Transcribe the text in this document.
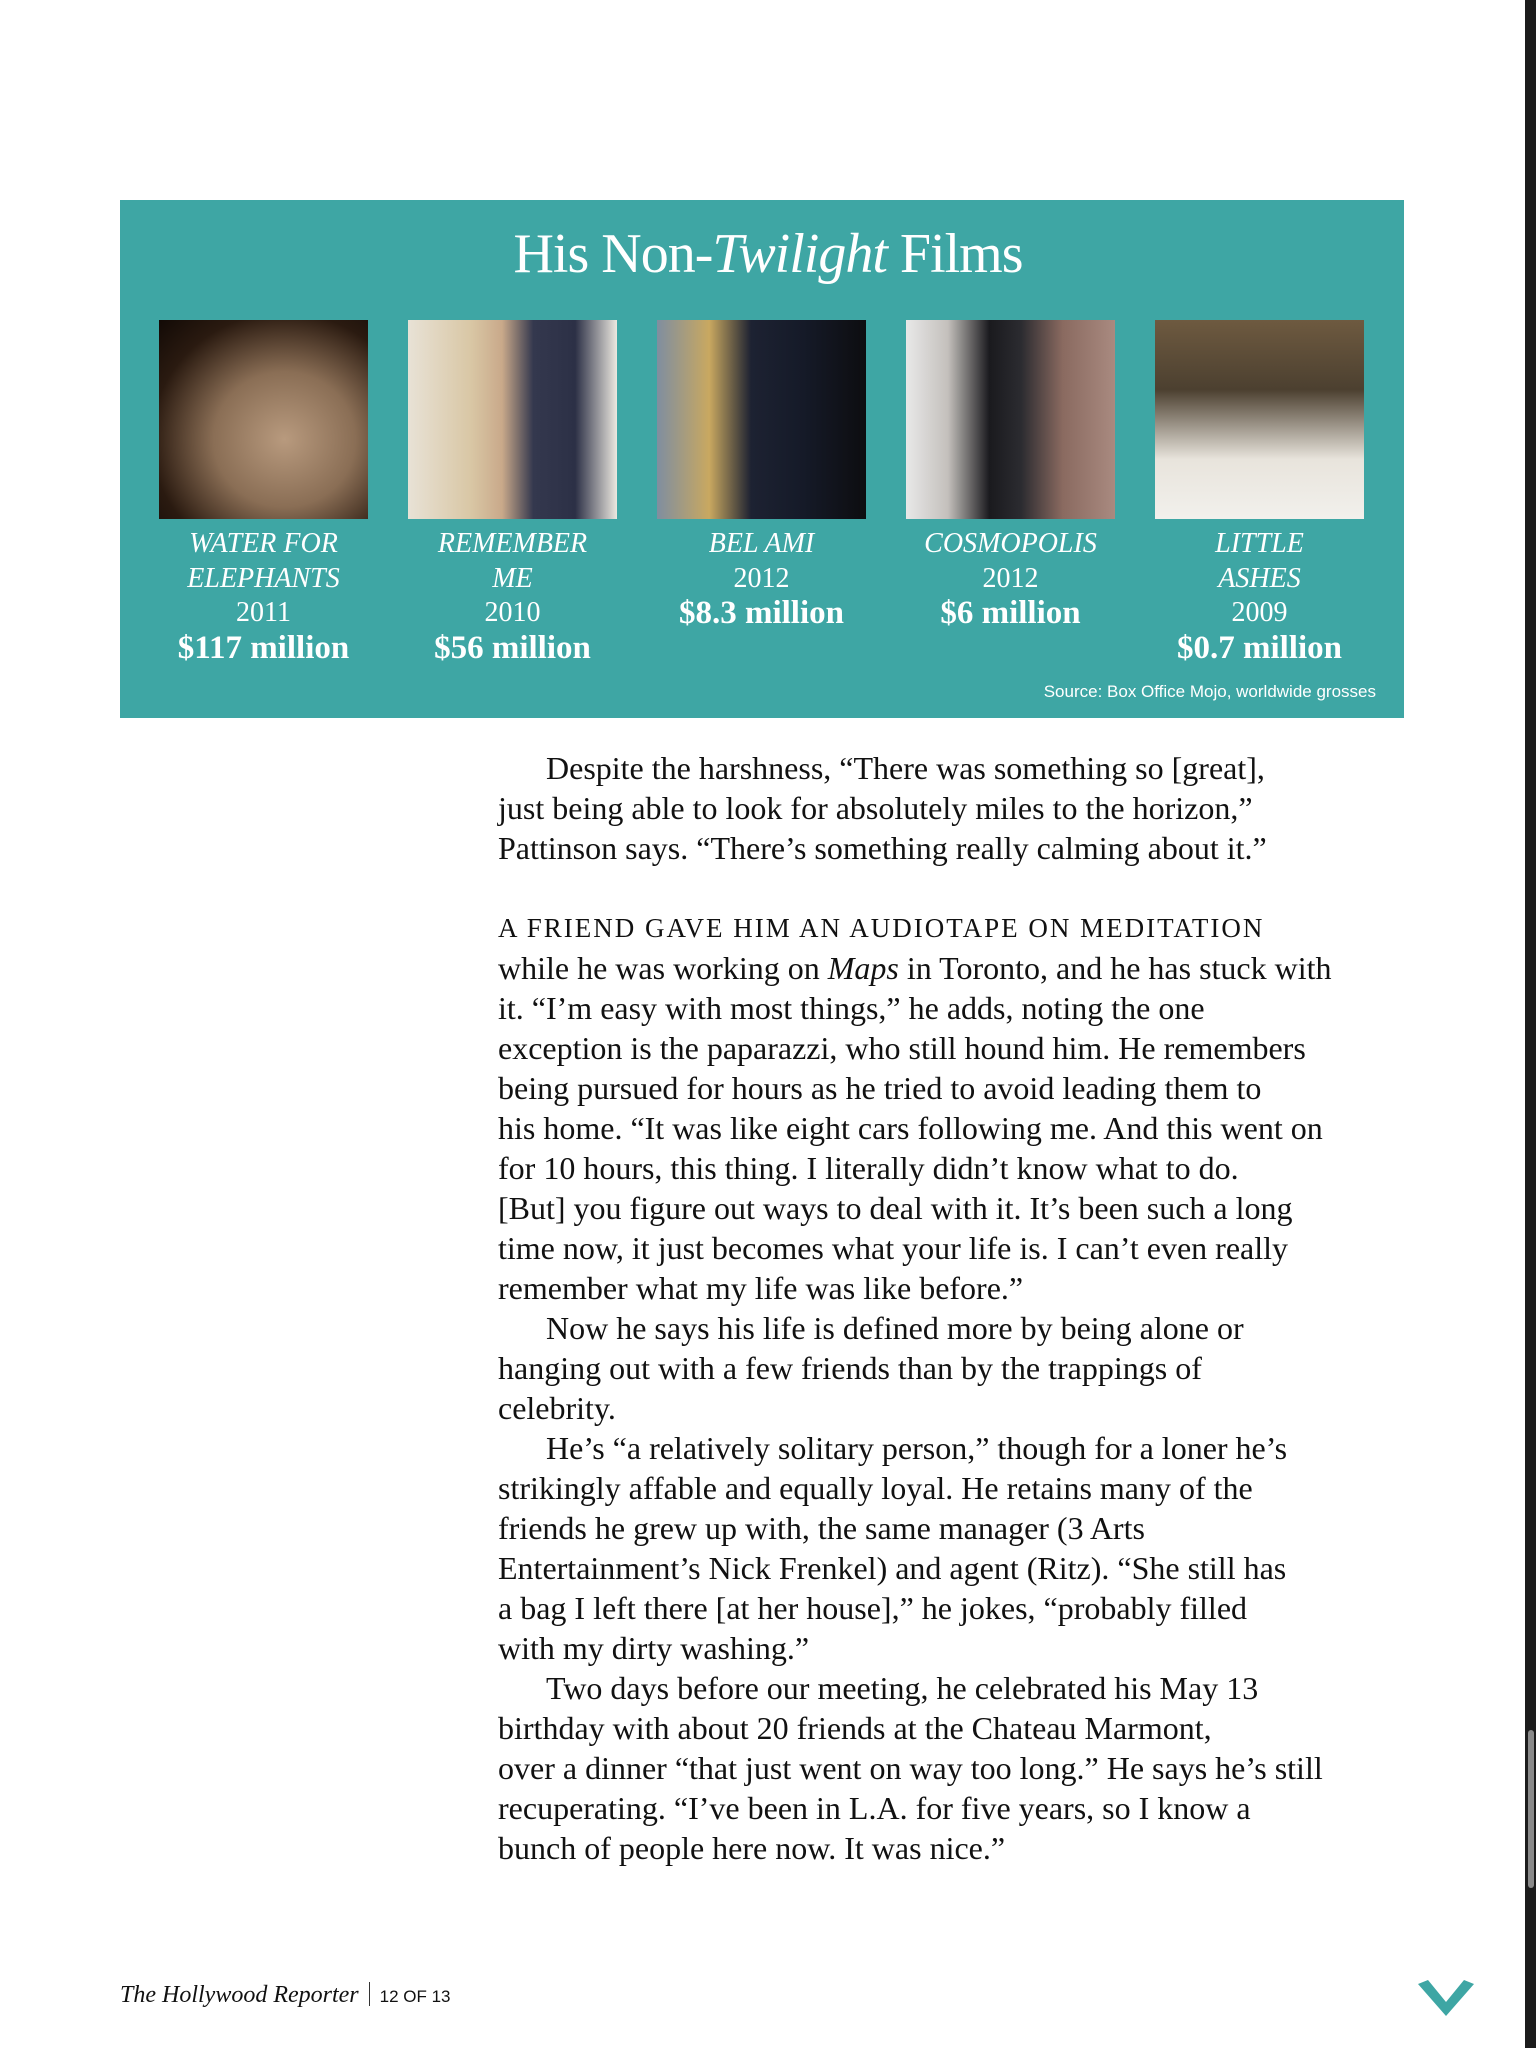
His Non-Twilight Films
WATER FOR
ELEPHANTS
2011
$117 million
REMEMBER
ME
2010
$56 million
BEL AMI
2012
$8.3 million
COSMOPOLIS
2012
$6 million
LITTLE
ASHES
2009
$0.7 million
Source: Box Office Mojo, worldwide grosses
Despite the harshness, “There was something so [great],
just being able to look for absolutely miles to the horizon,”
Pattinson says. “There’s something really calming about it.”
A FRIEND GAVE HIM AN AUDIOTAPE ON MEDITATION
while he was working on Maps in Toronto, and he has stuck with
it. “I’m easy with most things,” he adds, noting the one
exception is the paparazzi, who still hound him. He remembers
being pursued for hours as he tried to avoid leading them to
his home. “It was like eight cars following me. And this went on
for 10 hours, this thing. I literally didn’t know what to do.
[But] you figure out ways to deal with it. It’s been such a long
time now, it just becomes what your life is. I can’t even really
remember what my life was like before.”
Now he says his life is defined more by being alone or
hanging out with a few friends than by the trappings of
celebrity.
He’s “a relatively solitary person,” though for a loner he’s
strikingly affable and equally loyal. He retains many of the
friends he grew up with, the same manager (3 Arts
Entertainment’s Nick Frenkel) and agent (Ritz). “She still has
a bag I left there [at her house],” he jokes, “probably filled
with my dirty washing.”
Two days before our meeting, he celebrated his May 13
birthday with about 20 friends at the Chateau Marmont,
over a dinner “that just went on way too long.” He says he’s still
recuperating. “I’ve been in L.A. for five years, so I know a
bunch of people here now. It was nice.”
The Hollywood Reporter 12 OF 13
